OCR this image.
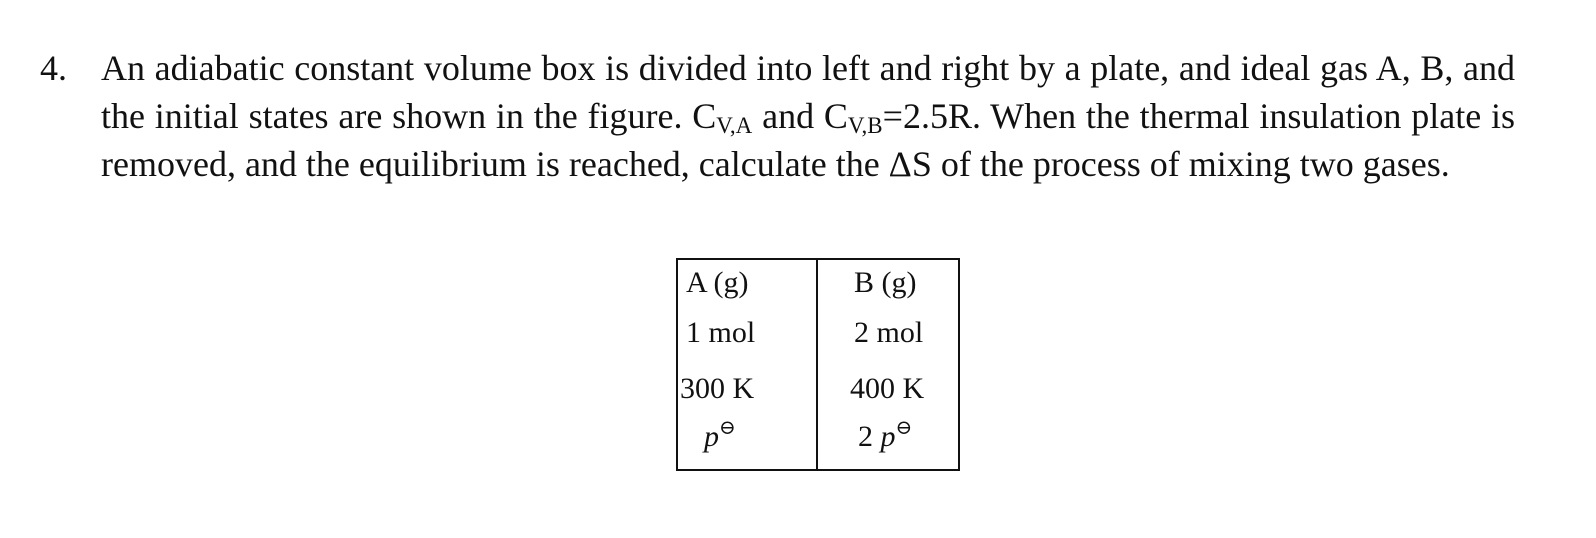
4. An adiabatic constant volume box is divided into left and right by a plate, and ideal gas A, B, and the initial states are shown in the figure. $C_{V,A}$ and $C_{V,B}=2.5R$. When the thermal insulation plate is removed, and the equilibrium is reached, calculate the ΔS of the process of mixing two gases.
A (g)
1 mol
300 K
p⊖
B (g)
2 mol
400 K
2 p⊖
